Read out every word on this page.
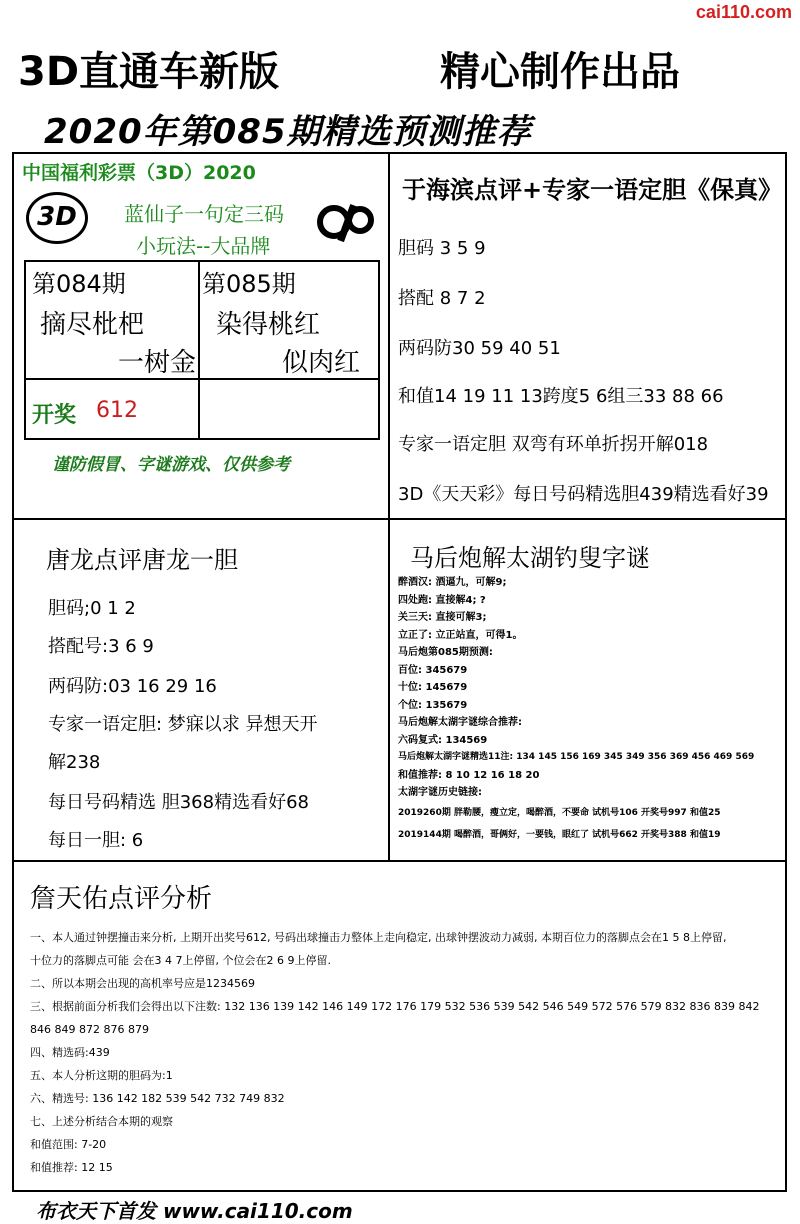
cai110.com
3D直通车新版	精心制作出品
2020年第085期精选预测推荐
中国福利彩票（3D）2020
3D	蓝仙子一句定三码
小玩法--大品牌
第084期
摘尽枇杷
一树金
第085期
染得桃红
似肉红
开奖 612
谨防假冒、字谜游戏、仅供参考
于海滨点评+专家一语定胆《保真》
胆码 3 5 9
搭配 8 7 2
两码防30 59 40 51
和值14 19 11 13跨度5 6组三33 88 66
专家一语定胆 双弯有环单折拐开解018
3D《天天彩》每日号码精选胆439精选看好39
唐龙点评唐龙一胆
胆码;0 1 2
搭配号:3 6 9
两码防:03 16 29 16
专家一语定胆: 梦寐以求 异想天开
解238
每日号码精选 胆368精选看好68
每日一胆: 6
马后炮解太湖钓叟字谜
醉酒汉: 酒逼九，可解9;
四处跑: 直接解4; ?
关三天: 直接可解3;
立正了: 立正站直，可得1。
马后炮第085期预测:
百位: 345679
十位: 145679
个位: 135679
马后炮解太湖字谜综合推荐:
六码复式: 134569
马后炮解太湖字谜精选11注: 134 145 156 169 345 349 356 369 456 469 569
和值推荐: 8 10 12 16 18 20
太湖字谜历史链接:
2019260期 胖勒腰，瘦立定，喝醉酒，不要命 试机号106 开奖号997 和值25
2019144期 喝醉酒，哥俩好，一要钱，眼红了 试机号662 开奖号388 和值19
詹天佑点评分析
一、本人通过钟摆撞击来分析, 上期开出奖号612, 号码出球撞击力整体上走向稳定, 出球钟摆波动力减弱, 本期百位力的落脚点会在1 5 8上停留,
十位力的落脚点可能 会在3 4 7上停留, 个位会在2 6 9上停留.
二、所以本期会出现的高机率号应是1234569
三、根据前面分析我们会得出以下注数: 132 136 139 142 146 149 172 176 179 532 536 539 542 546 549 572 576 579 832 836 839 842
846 849 872 876 879
四、精选码:439
五、本人分析这期的胆码为:1
六、精选号: 136 142 182 539 542 732 749 832
七、上述分析结合本期的观察
和值范围: 7-20
和值推荐: 12 15
布衣天下首发 www.cai110.com
